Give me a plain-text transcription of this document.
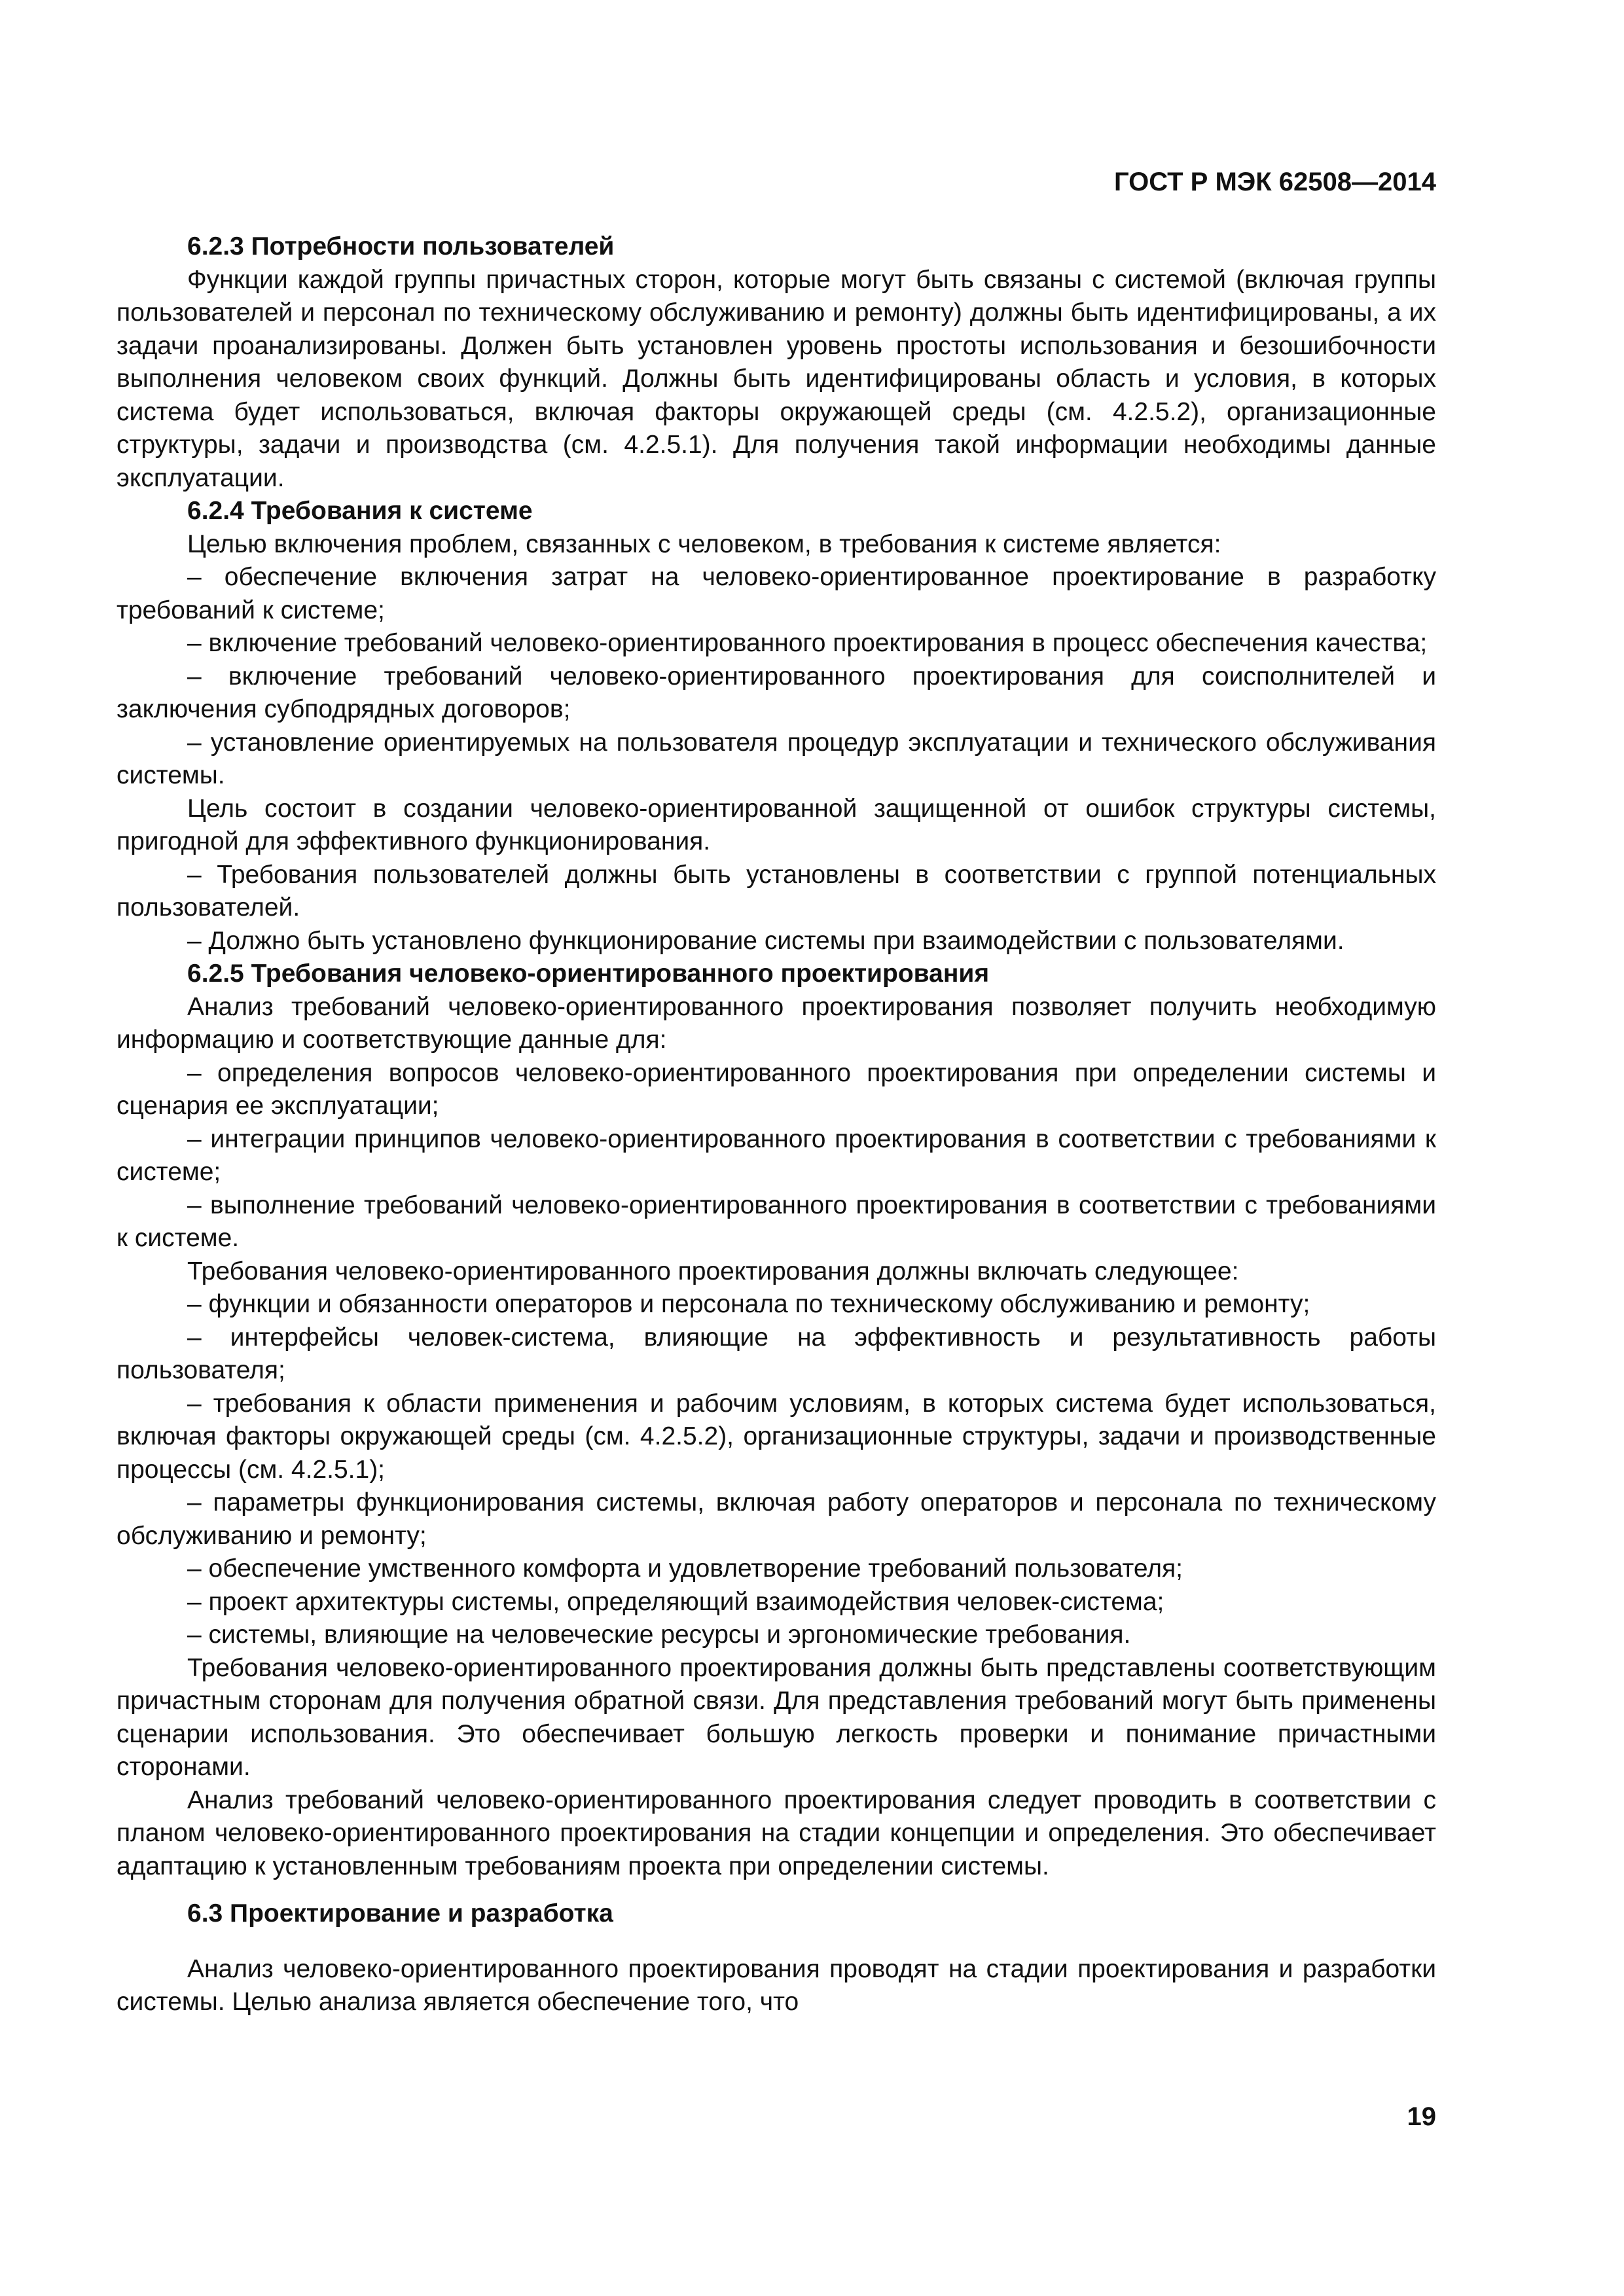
ГОСТ Р МЭК 62508—2014

6.2.3 Потребности пользователей

Функции каждой группы причастных сторон, которые могут быть связаны с системой (включая группы пользователей и персонал по техническому обслуживанию и ремонту) должны быть идентифицированы, а их задачи проанализированы. Должен быть установлен уровень простоты использования и безошибочности выполнения человеком своих функций. Должны быть идентифицированы область и условия, в которых система будет использоваться, включая факторы окружающей среды (см. 4.2.5.2), организационные структуры, задачи и производства (см. 4.2.5.1). Для получения такой информации необходимы данные эксплуатации.

6.2.4 Требования к системе

Целью включения проблем, связанных с человеком, в требования к системе является:

– обеспечение включения затрат на человеко-ориентированное проектирование в разработку требований к системе;

– включение требований человеко-ориентированного проектирования в процесс обеспечения качества;

– включение требований человеко-ориентированного проектирования для соисполнителей и заключения субподрядных договоров;

– установление ориентируемых на пользователя процедур эксплуатации и технического обслуживания системы.

Цель состоит в создании человеко-ориентированной защищенной от ошибок структуры системы, пригодной для эффективного функционирования.

– Требования пользователей должны быть установлены в соответствии с группой потенциальных пользователей.

– Должно быть установлено функционирование системы при взаимодействии с пользователями.

6.2.5 Требования человеко-ориентированного проектирования

Анализ требований человеко-ориентированного проектирования позволяет получить необходимую информацию и соответствующие данные для:

– определения вопросов человеко-ориентированного проектирования при определении системы и сценария ее эксплуатации;

– интеграции принципов человеко-ориентированного проектирования в соответствии с требованиями к системе;

– выполнение требований человеко-ориентированного проектирования в соответствии с требованиями к системе.

Требования человеко-ориентированного проектирования должны включать следующее:

– функции и обязанности операторов и персонала по техническому обслуживанию и ремонту;

– интерфейсы человек-система, влияющие на эффективность и результативность работы пользователя;

– требования к области применения и рабочим условиям, в которых система будет использоваться, включая факторы окружающей среды (см. 4.2.5.2), организационные структуры, задачи и производственные процессы (см. 4.2.5.1);

– параметры функционирования системы, включая работу операторов и персонала по техническому обслуживанию и ремонту;

– обеспечение умственного комфорта и удовлетворение требований пользователя;

– проект архитектуры системы, определяющий взаимодействия человек-система;

– системы, влияющие на человеческие ресурсы и эргономические требования.

Требования человеко-ориентированного проектирования должны быть представлены соответствующим причастным сторонам для получения обратной связи. Для представления требований могут быть применены сценарии использования. Это обеспечивает большую легкость проверки и понимание причастными сторонами.

Анализ требований человеко-ориентированного проектирования следует проводить в соответствии с планом человеко-ориентированного проектирования на стадии концепции и определения. Это обеспечивает адаптацию к установленным требованиям проекта при определении системы.

6.3 Проектирование и разработка

Анализ человеко-ориентированного проектирования проводят на стадии проектирования и разработки системы. Целью анализа является обеспечение того, что

19
